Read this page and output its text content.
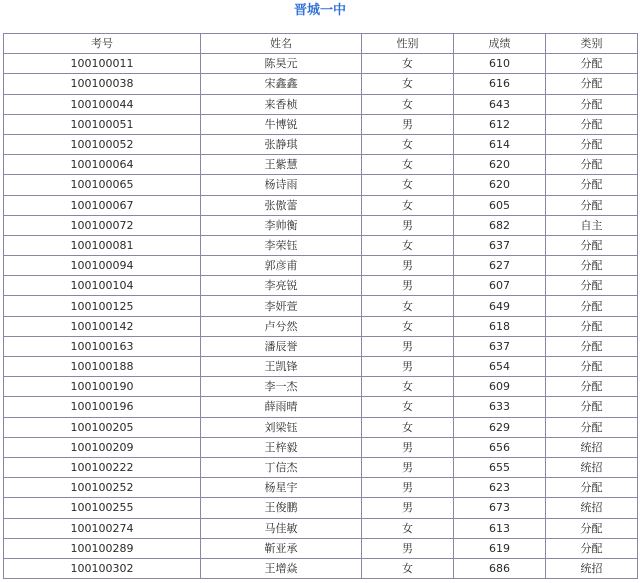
晋城一中
考号	姓名	性别	成绩	类别
100100011	陈昊元	女	610	分配
100100038	宋鑫鑫	女	616	分配
100100044	来香桢	女	643	分配
100100051	牛博锐	男	612	分配
100100052	张静琪	女	614	分配
100100064	王紫慧	女	620	分配
100100065	杨诗雨	女	620	分配
100100067	张傲蕾	女	605	分配
100100072	李帅衡	男	682	自主
100100081	李荣钰	女	637	分配
100100094	郭彦甫	男	627	分配
100100104	李亮锐	男	607	分配
100100125	李妍萱	女	649	分配
100100142	卢兮然	女	618	分配
100100163	潘辰誉	男	637	分配
100100188	王凯锋	男	654	分配
100100190	李一杰	女	609	分配
100100196	薛雨晴	女	633	分配
100100205	刘梁钰	女	629	分配
100100209	王梓毅	男	656	统招
100100222	丁信杰	男	655	统招
100100252	杨星宇	男	623	分配
100100255	王俊鹏	男	673	统招
100100274	马佳敏	女	613	分配
100100289	靳亚承	男	619	分配
100100302	王增焱	女	686	统招
